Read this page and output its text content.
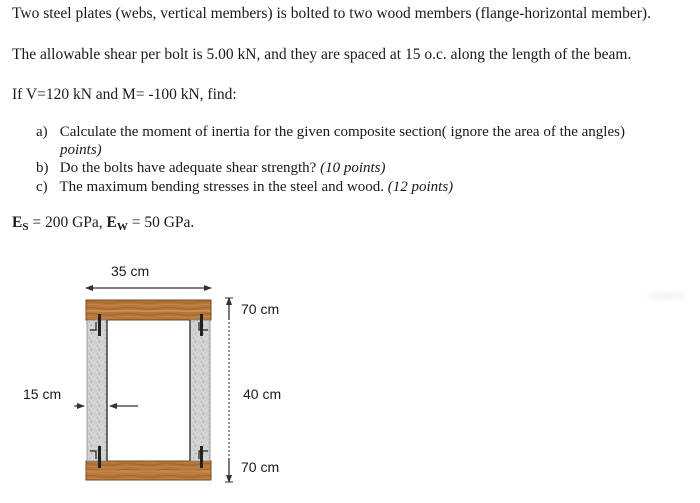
Two steel plates (webs, vertical members) is bolted to two wood members (flange-horizontal member).
The allowable shear per bolt is 5.00 kN, and they are spaced at 15 o.c. along the length of the beam.
If V=120 kN and M= -100 kN, find:
a) Calculate the moment of inertia for the given composite section( ignore the area of the angles)
points)
b) Do the bolts have adequate shear strength? (10 points)
c) The maximum bending stresses in the steel and wood. (12 points)
$E_S = 200$ GPa, $E_W = 50$ GPa.
35 cm
70 cm
40 cm
70 cm
15 cm
